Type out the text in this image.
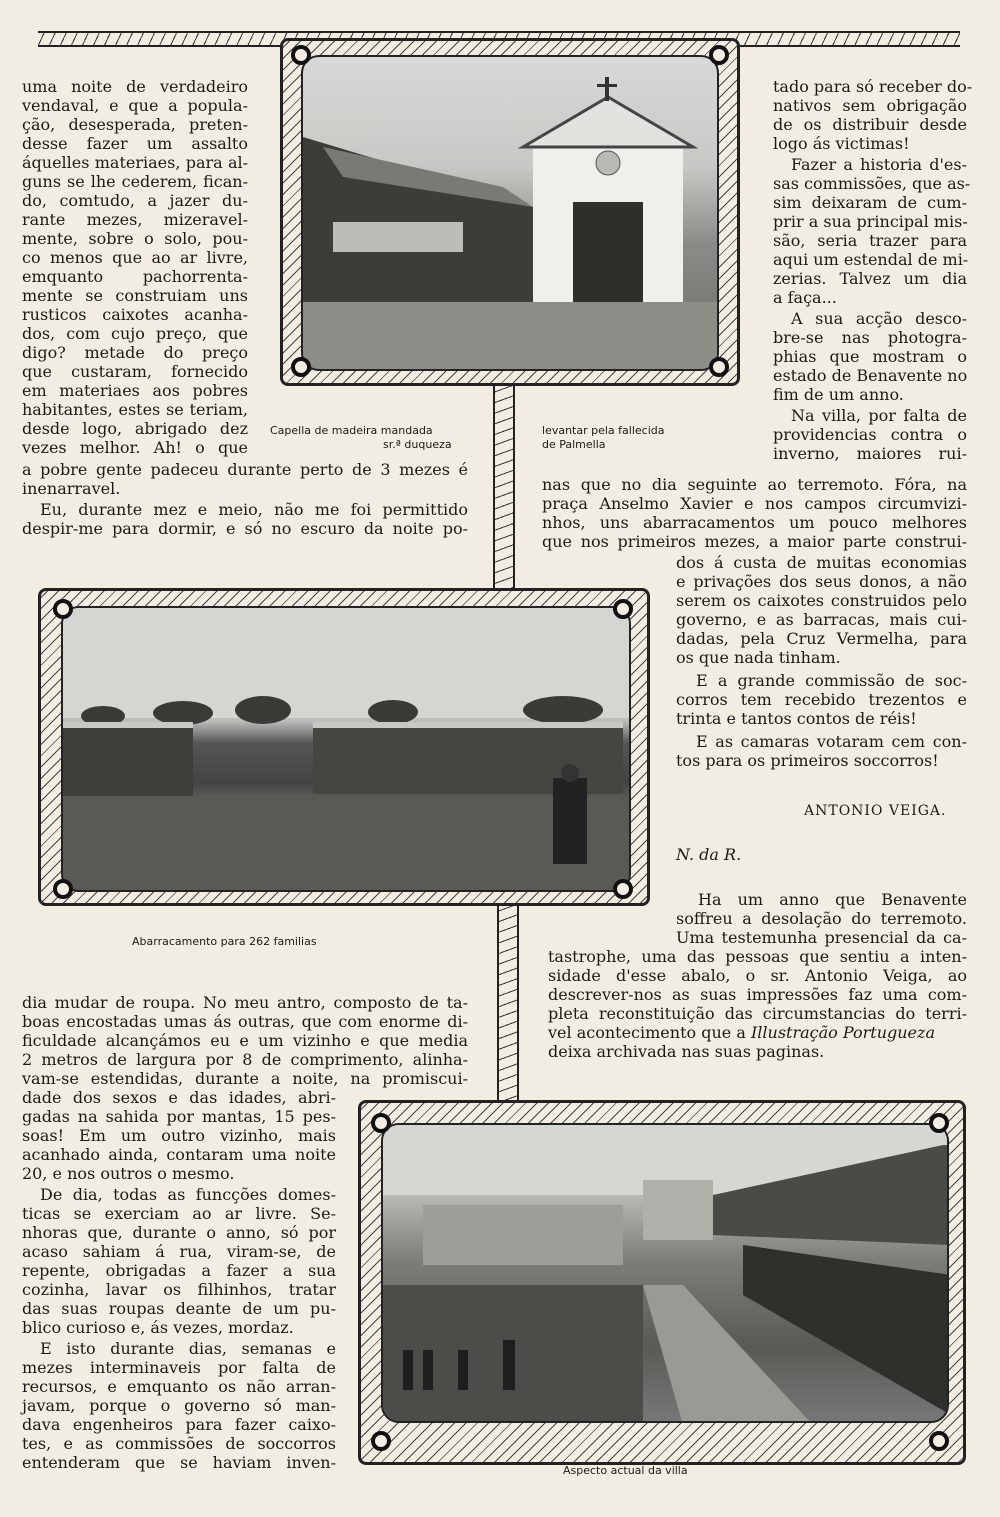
Capella de madeira mandada
sr.ª duqueza
levantar pela fallecida
de Palmella
Abarracamento para 262 familias
Aspecto actual da villa
uma noite de verdadeiro
vendaval, e que a popula-
ção, desesperada, preten-
desse fazer um assalto
áquelles materiaes, para al-
guns se lhe cederem, fican-
do, comtudo, a jazer du-
rante mezes, mizeravel-
mente, sobre o solo, pou-
co menos que ao ar livre,
emquanto pachorrenta-
mente se construiam uns
rusticos caixotes acanha-
dos, com cujo preço, que
digo? metade do preço
que custaram, fornecido
em materiaes aos pobres
habitantes, estes se teriam,
desde logo, abrigado dez
vezes melhor. Ah! o que
a pobre gente padeceu durante perto de 3 mezes é
inenarravel.
Eu, durante mez e meio, não me foi permittido
despir-me para dormir, e só no escuro da noite po-
tado para só receber do-
nativos sem obrigação
de os distribuir desde
logo ás victimas!
Fazer a historia d'es-
sas commissões, que as-
sim deixaram de cum-
prir a sua principal mis-
são, seria trazer para
aqui um estendal de mi-
zerias. Talvez um dia
a faça...
A sua acção desco-
bre-se nas photogra-
phias que mostram o
estado de Benavente no
fim de um anno.
Na villa, por falta de
providencias contra o
inverno, maiores rui-
nas que no dia seguinte ao terremoto. Fóra, na
praça Anselmo Xavier e nos campos circumvizi-
nhos, uns abarracamentos um pouco melhores
que nos primeiros mezes, a maior parte construi-
dos á custa de muitas economias
e privações dos seus donos, a não
serem os caixotes construidos pelo
governo, e as barracas, mais cui-
dadas, pela Cruz Vermelha, para
os que nada tinham.
E a grande commissão de soc-
corros tem recebido trezentos e
trinta e tantos contos de réis!
E as camaras votaram cem con-
tos para os primeiros soccorros!
ANTONIO VEIGA.
N. da R.
Ha um anno que Benavente
soffreu a desolação do terremoto.
Uma testemunha presencial da ca-
tastrophe, uma das pessoas que sentiu a inten-
sidade d'esse abalo, o sr. Antonio Veiga, ao
descrever-nos as suas impressões faz uma com-
pleta reconstituição das circumstancias do terri-
vel acontecimento que a Illustração Portugueza
deixa archivada nas suas paginas.
dia mudar de roupa. No meu antro, composto de ta-
boas encostadas umas ás outras, que com enorme di-
ficuldade alcançámos eu e um vizinho e que media
2 metros de largura por 8 de comprimento, alinha-
vam-se estendidas, durante a noite, na promiscui-
dade dos sexos e das idades, abri-
gadas na sahida por mantas, 15 pes-
soas! Em um outro vizinho, mais
acanhado ainda, contaram uma noite
20, e nos outros o mesmo.
De dia, todas as funcções domes-
ticas se exerciam ao ar livre. Se-
nhoras que, durante o anno, só por
acaso sahiam á rua, viram-se, de
repente, obrigadas a fazer a sua
cozinha, lavar os filhinhos, tratar
das suas roupas deante de um pu-
blico curioso e, ás vezes, mordaz.
E isto durante dias, semanas e
mezes interminaveis por falta de
recursos, e emquanto os não arran-
javam, porque o governo só man-
dava engenheiros para fazer caixo-
tes, e as commissões de soccorros
entenderam que se haviam inven-
